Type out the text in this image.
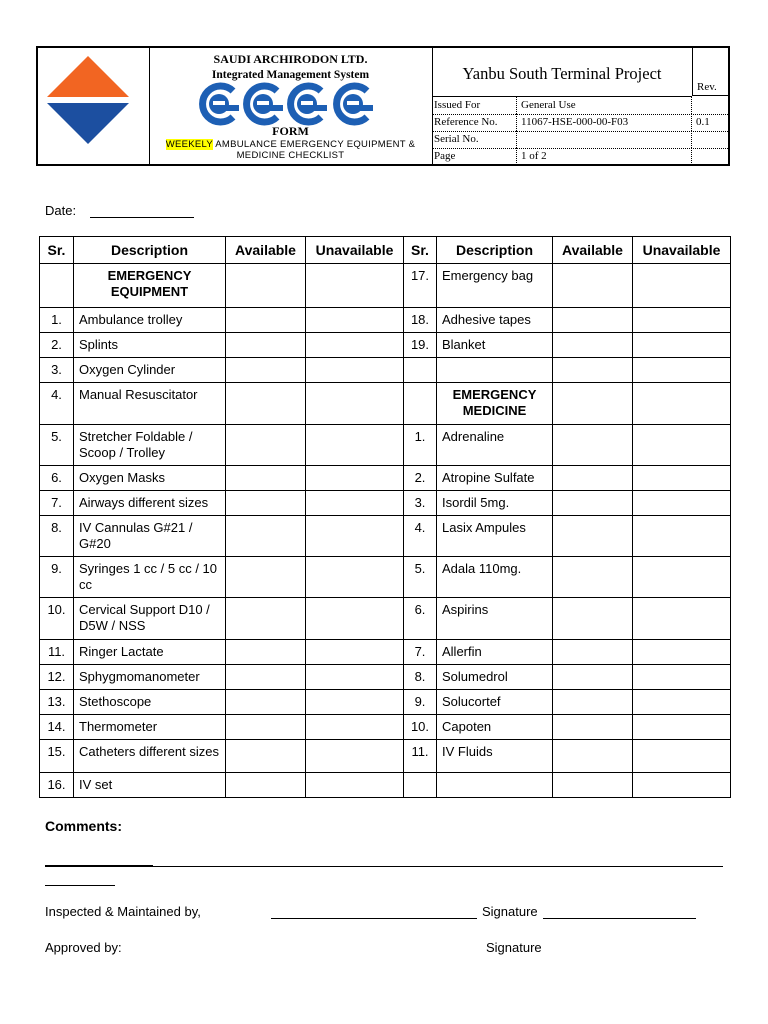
SAUDI ARCHIRODON LTD.
Integrated Management System
FORM
WEEKELY AMBULANCE EMERGENCY EQUIPMENT &
MEDICINE CHECKLIST
Yanbu South Terminal Project
Rev.
Issued For	General Use
Reference No.	11067-HSE-000-00-F03	0.1
Serial No.
Page	1 of 2
Date:
Sr.	Description	Available	Unavailable	Sr.	Description	Available	Unavailable
	EMERGENCY EQUIPMENT			17.	Emergency bag		
1.	Ambulance trolley			18.	Adhesive tapes		
2.	Splints			19.	Blanket		
3.	Oxygen Cylinder						
4.	Manual Resuscitator				EMERGENCY MEDICINE		
5.	Stretcher Foldable / Scoop / Trolley			1.	Adrenaline		
6.	Oxygen Masks			2.	Atropine Sulfate		
7.	Airways different sizes			3.	Isordil 5mg.		
8.	IV Cannulas G#21 / G#20			4.	Lasix Ampules		
9.	Syringes 1 cc / 5 cc / 10 cc			5.	Adala 110mg.		
10.	Cervical Support D10 / D5W / NSS			6.	Aspirins		
11.	Ringer Lactate			7.	Allerfin		
12.	Sphygmomanometer			8.	Solumedrol		
13.	Stethoscope			9.	Solucortef		
14.	Thermometer			10.	Capoten		
15.	Catheters different sizes			11.	IV Fluids		
16.	IV set						
Comments:
Inspected & Maintained by,	Signature
Approved by:	Signature
